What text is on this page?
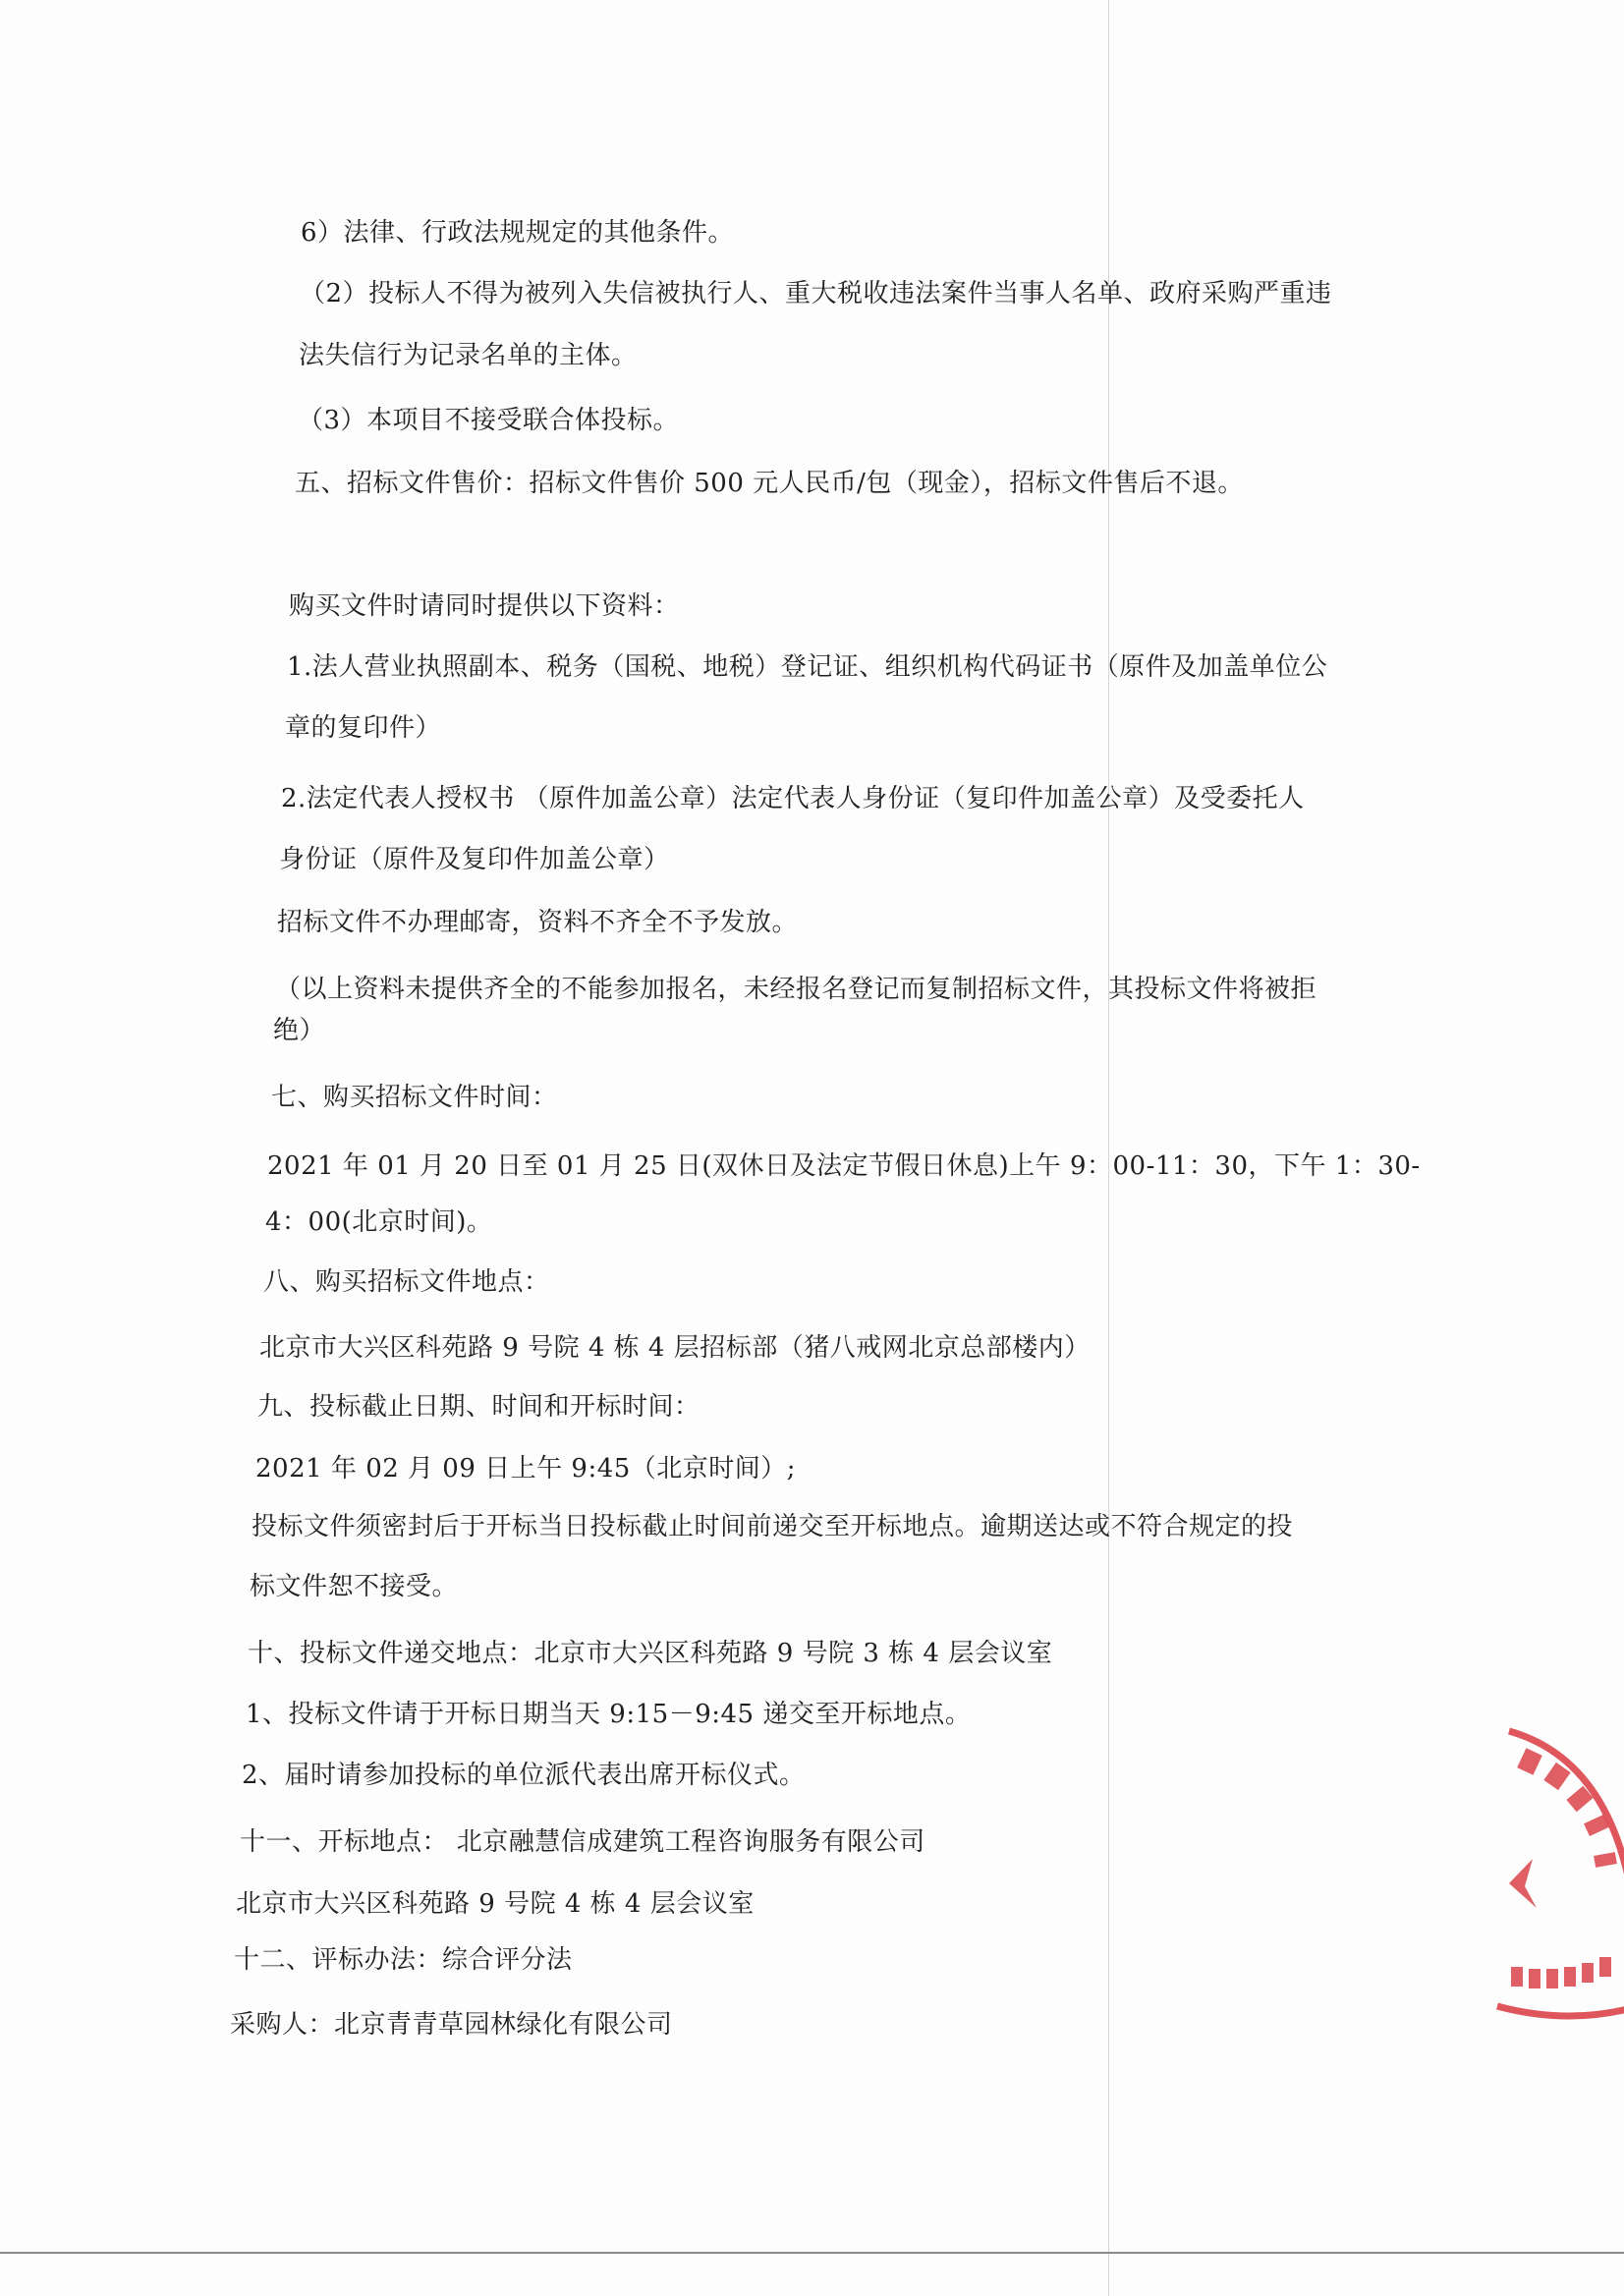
6）法律、行政法规规定的其他条件。
（2）投标人不得为被列入失信被执行人、重大税收违法案件当事人名单、政府采购严重违
法失信行为记录名单的主体。
（3）本项目不接受联合体投标。
五、招标文件售价：招标文件售价 500 元人民币/包（现金），招标文件售后不退。
购买文件时请同时提供以下资料：
1.法人营业执照副本、税务（国税、地税）登记证、组织机构代码证书（原件及加盖单位公
章的复印件）
2.法定代表人授权书 （原件加盖公章）法定代表人身份证（复印件加盖公章）及受委托人
身份证（原件及复印件加盖公章）
招标文件不办理邮寄，资料不齐全不予发放。
（以上资料未提供齐全的不能参加报名，未经报名登记而复制招标文件，其投标文件将被拒
绝）
七、购买招标文件时间：
2021 年 01 月 20 日至 01 月 25 日(双休日及法定节假日休息)上午 9：00-11：30，下午 1：30-
4：00(北京时间)。
八、购买招标文件地点：
北京市大兴区科苑路 9 号院 4 栋 4 层招标部（猪八戒网北京总部楼内）
九、投标截止日期、时间和开标时间：
2021 年 02 月 09 日上午 9:45（北京时间）;
投标文件须密封后于开标当日投标截止时间前递交至开标地点。逾期送达或不符合规定的投
标文件恕不接受。
十、投标文件递交地点：北京市大兴区科苑路 9 号院 3 栋 4 层会议室
1、投标文件请于开标日期当天 9:15－9:45 递交至开标地点。
2、届时请参加投标的单位派代表出席开标仪式。
十一、开标地点： 北京融慧信成建筑工程咨询服务有限公司
北京市大兴区科苑路 9 号院 4 栋 4 层会议室
十二、评标办法：综合评分法
采购人：北京青青草园林绿化有限公司
